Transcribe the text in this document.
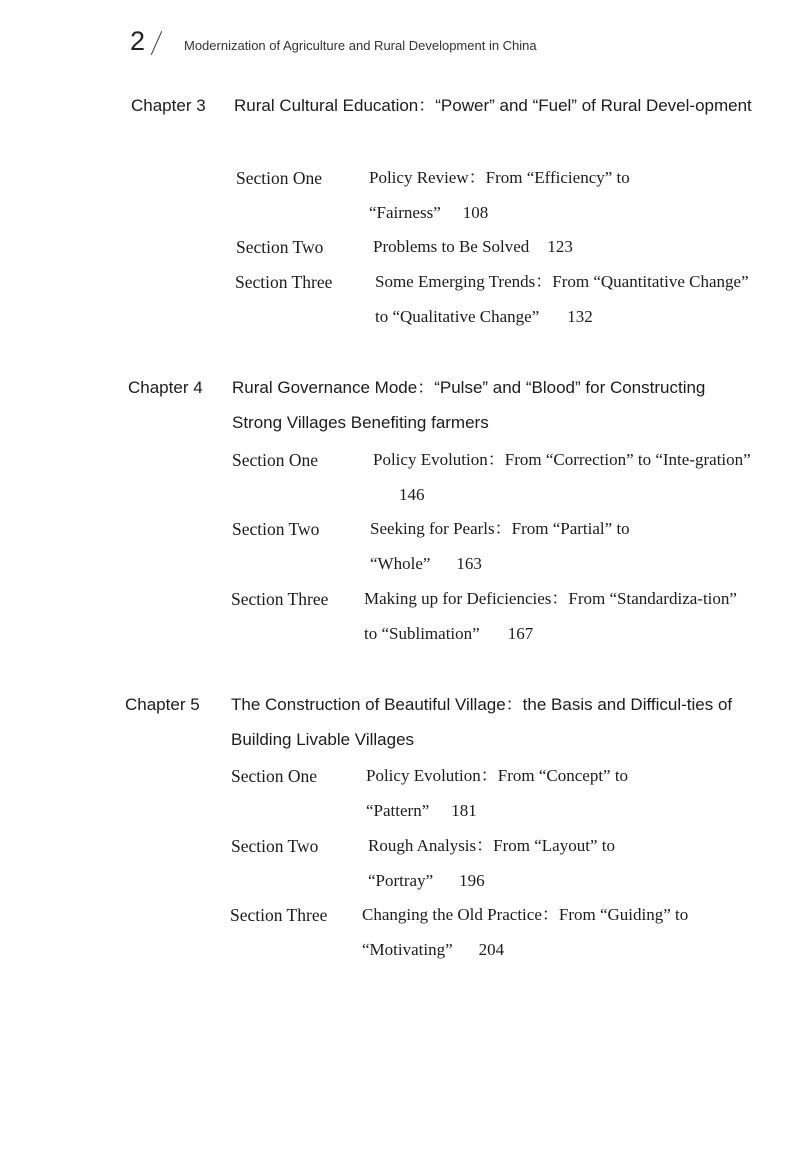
2	Modernization of Agriculture and Rural Development in China
Chapter 3 Rural Cultural Education：“Power” and “Fuel” of Rural Devel-opment
Section One	Policy Review：From “Efficiency” to “Fairness” 108
Section Two	Problems to Be Solved 123
Section Three	Some Emerging Trends：From “Quantitative Change” to “Qualitative Change” 132
Chapter 4 Rural Governance Mode：“Pulse” and “Blood” for Constructing Strong Villages Benefiting farmers
Section One	Policy Evolution：From “Correction” to “Inte-gration”146
Section Two	Seeking for Pearls：From “Partial” to “Whole” 163
Section Three Making up for Deficiencies：From “Standardiza-tion” to “Sublimation” 167
Chapter 5 The Construction of Beautiful Village：the Basis and Difficul-ties of Building Livable Villages
Section One	Policy Evolution：From “Concept” to “Pattern” 181
Section Two	Rough Analysis：From “Layout” to “Portray” 196
Section Three Changing the Old Practice：From “Guiding” to “Motivating” 204
